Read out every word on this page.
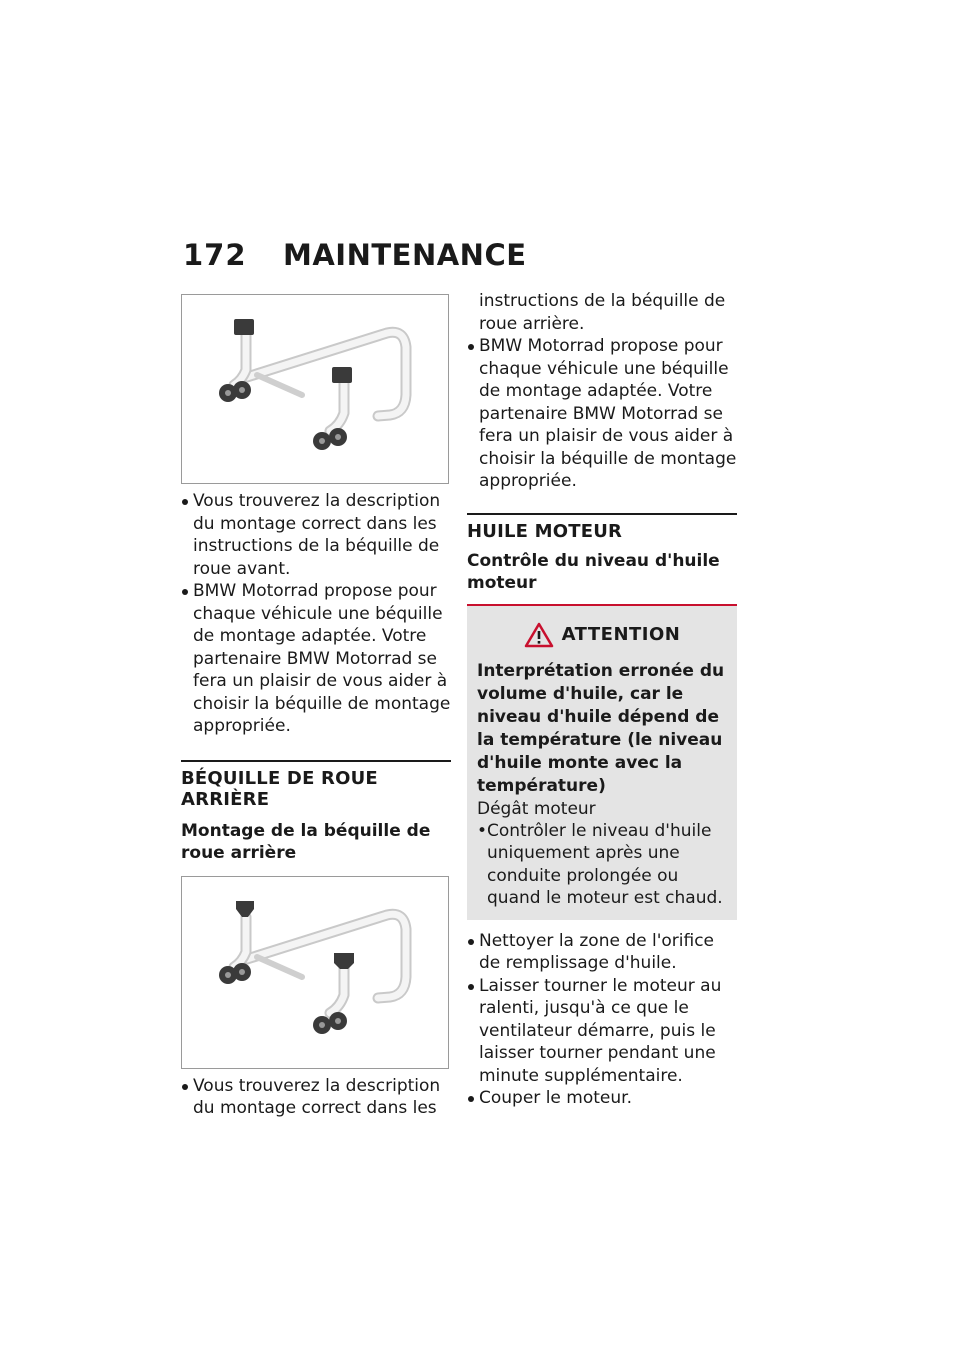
172	MAINTENANCE
Vous trouverez la description du montage correct dans les instructions de la béquille de roue avant.
BMW Motorrad propose pour chaque véhicule une béquille de montage adaptée. Votre partenaire BMW Motorrad se fera un plaisir de vous aider à choisir la béquille de montage appropriée.
BÉQUILLE DE ROUE ARRIÈRE
Montage de la béquille de roue arrière
Vous trouverez la description du montage correct dans les
instructions de la béquille de roue arrière.
BMW Motorrad propose pour chaque véhicule une béquille de montage adaptée. Votre partenaire BMW Motorrad se fera un plaisir de vous aider à choisir la béquille de montage appropriée.
HUILE MOTEUR
Contrôle du niveau d'huile moteur
ATTENTION
Interprétation erronée du volume d'huile, car le niveau d'huile dépend de la température (le niveau d'huile monte avec la température)
Dégât moteur
• Contrôler le niveau d'huile uniquement après une conduite prolongée ou quand le moteur est chaud.
Nettoyer la zone de l'orifice de remplissage d'huile.
Laisser tourner le moteur au ralenti, jusqu'à ce que le ventilateur démarre, puis le laisser tourner pendant une minute supplémentaire.
Couper le moteur.
